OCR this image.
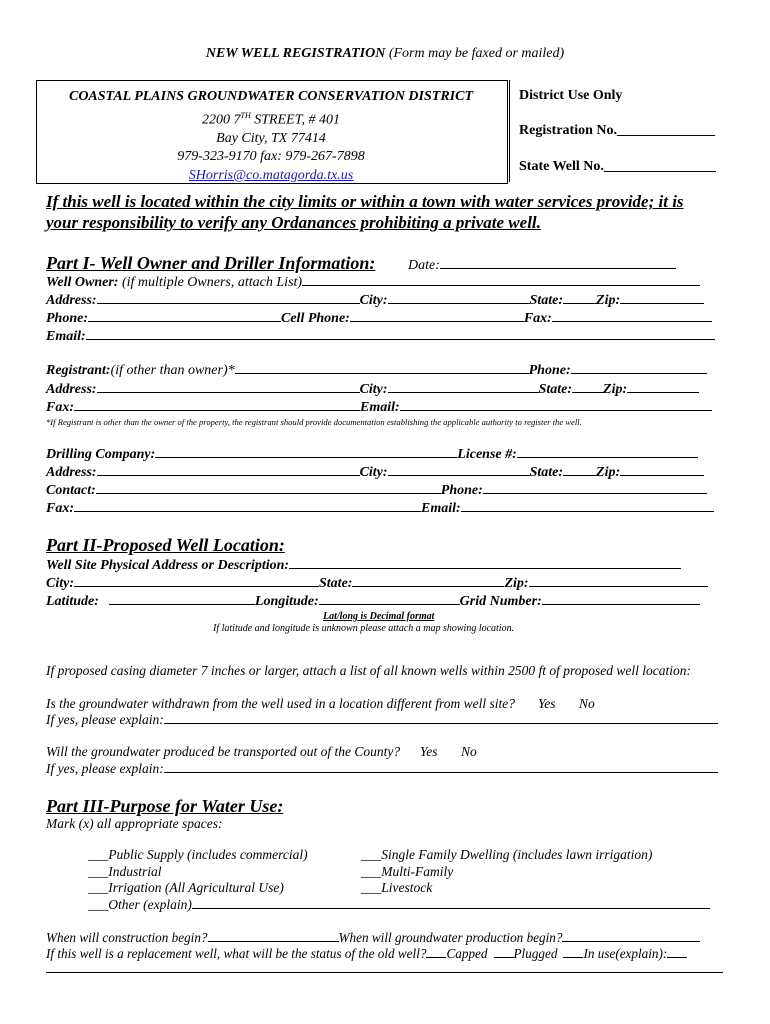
NEW WELL REGISTRATION (Form may be faxed or mailed)
COASTAL PLAINS GROUNDWATER CONSERVATION DISTRICT
2200 7TH STREET, # 401
Bay City, TX 77414
979-323-9170 fax: 979-267-7898
SHorris@co.matagorda.tx.us
District Use Only
Registration No.______________
State Well No.________________
If this well is located within the city limits or within a town with water services provide; it is
your responsibility to verify any Ordanances prohibiting a private well.
Part I- Well Owner and Driller Information: Date:
Well Owner: (if multiple Owners, attach List)
Address:	City:	State: Zip:
Phone:	Cell Phone:	Fax:
Email:
Registrant:(if other than owner)*	Phone:
Address:	City:	State: Zip:
Fax:	Email:
*If Registrant is other than the owner of the property, the registrant should provide documentation establishing the applicable authority to register the well.
Drilling Company:	License #:
Address:	City:	State: Zip:
Contact:	Phone:
Fax:	Email:
Part II-Proposed Well Location:
Well Site Physical Address or Description:
City:	State:	Zip:
Latitude:	Longitude:	Grid Number:
Lat/long is Decimal format
If latitude and longitude is unknown please attach a map showing location.
If proposed casing diameter 7 inches or larger, attach a list of all known wells within 2500 ft of proposed well location:
Is the groundwater withdrawn from the well used in a location different from well site? Yes No
If yes, please explain:
Will the groundwater produced be transported out of the County? Yes No
If yes, please explain:
Part III-Purpose for Water Use:
Mark (x) all appropriate spaces:
___Public Supply (includes commercial)
___Industrial
___Irrigation (All Agricultural Use)
___Other (explain)
___Single Family Dwelling (includes lawn irrigation)
___Multi-Family
___Livestock
When will construction begin?	When will groundwater production begin?
If this well is a replacement well, what will be the status of the old well? Capped Plugged In use(explain):
